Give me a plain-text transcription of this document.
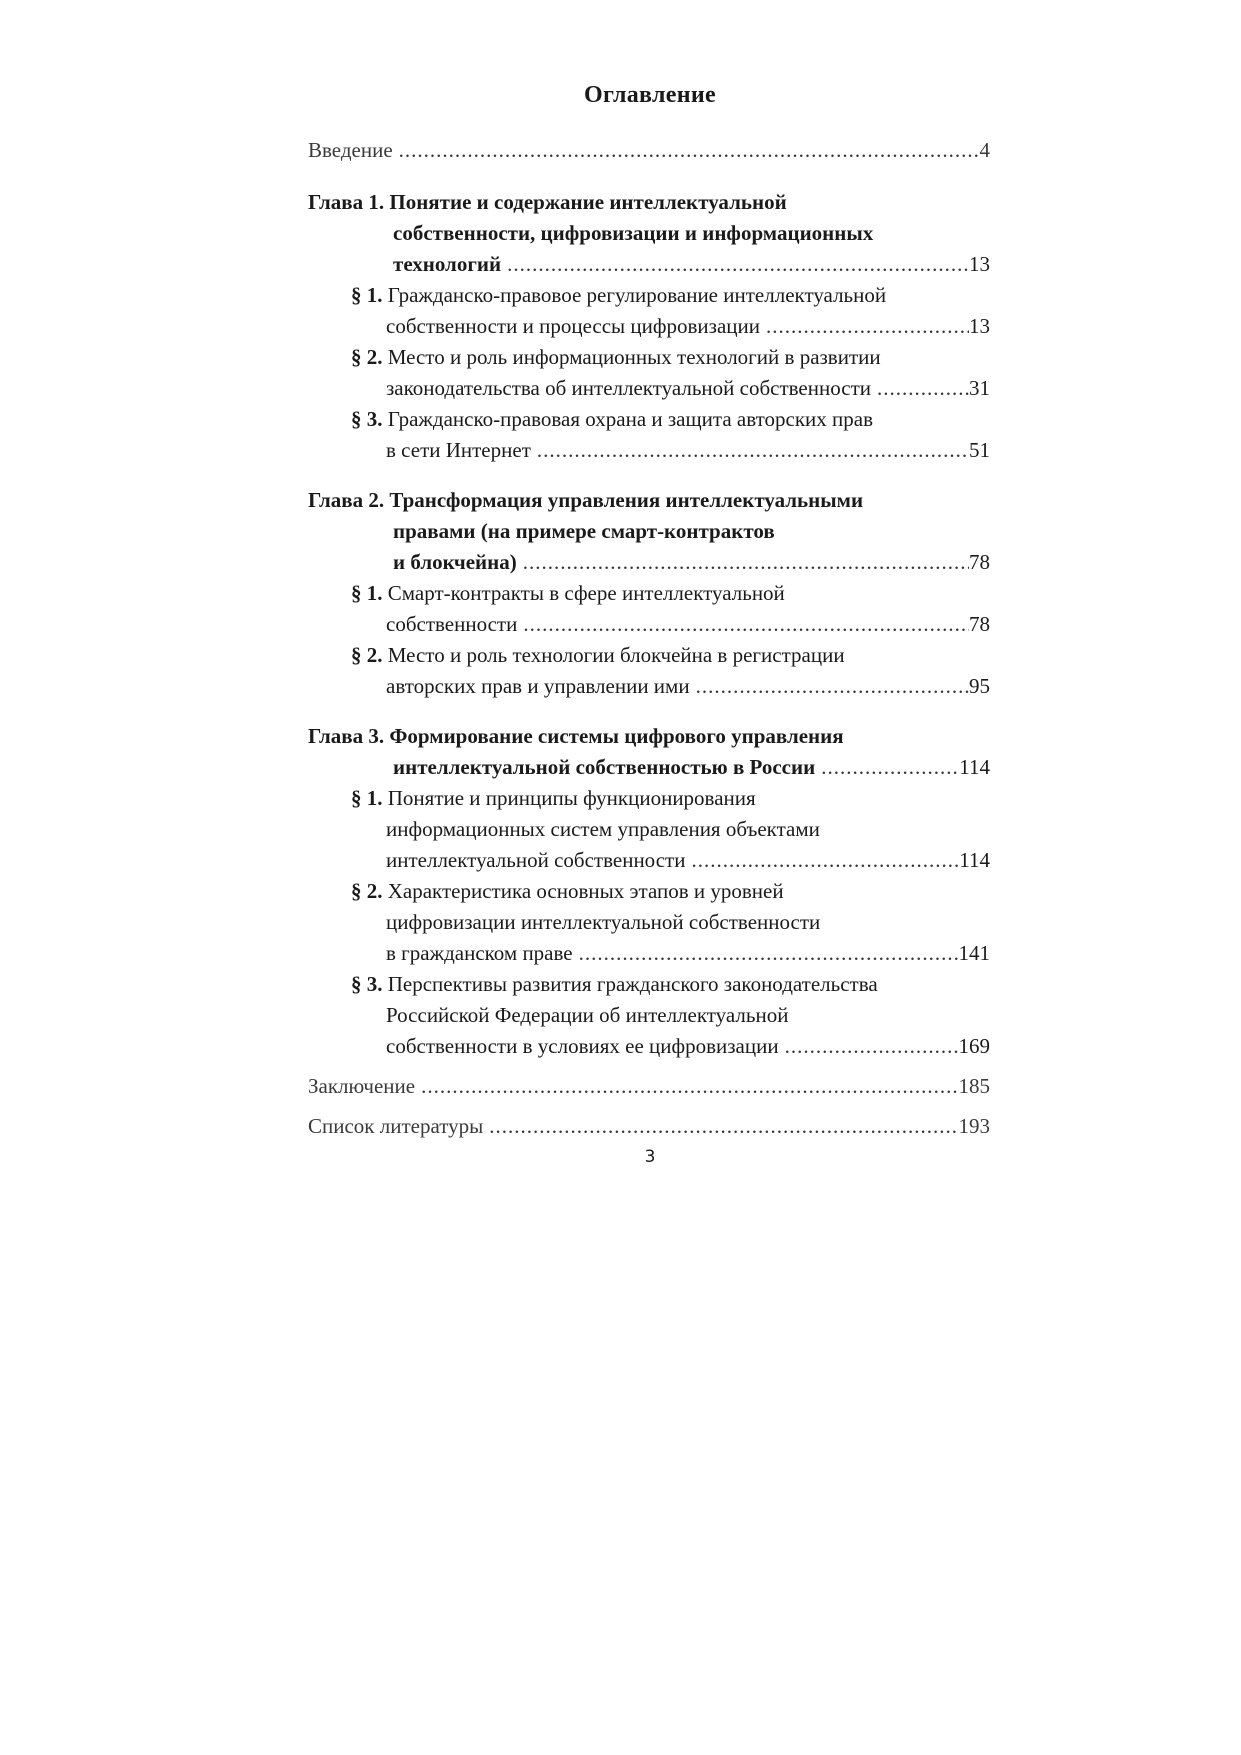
Оглавление
Введение .....	4
Глава 1. Понятие и содержание интеллектуальной
собственности, цифровизации и информационных
технологий .....	13
§ 1. Гражданско-правовое регулирование интеллектуальной
собственности и процессы цифровизации .....	13
§ 2. Место и роль информационных технологий в развитии
законодательства об интеллектуальной собственности .....	31
§ 3. Гражданско-правовая охрана и защита авторских прав
в сети Интернет .....	51
Глава 2. Трансформация управления интеллектуальными
правами (на примере смарт-контрактов
и блокчейна) .....	78
§ 1. Смарт-контракты в сфере интеллектуальной
собственности .....	78
§ 2. Место и роль технологии блокчейна в регистрации
авторских прав и управлении ими .....	95
Глава 3. Формирование системы цифрового управления
интеллектуальной собственностью в России .....	114
§ 1. Понятие и принципы функционирования
информационных систем управления объектами
интеллектуальной собственности .....	114
§ 2. Характеристика основных этапов и уровней
цифровизации интеллектуальной собственности
в гражданском праве .....	141
§ 3. Перспективы развития гражданского законодательства
Российской Федерации об интеллектуальной
собственности в условиях ее цифровизации .....	169
Заключение .....	185
Список литературы .....	193
3
